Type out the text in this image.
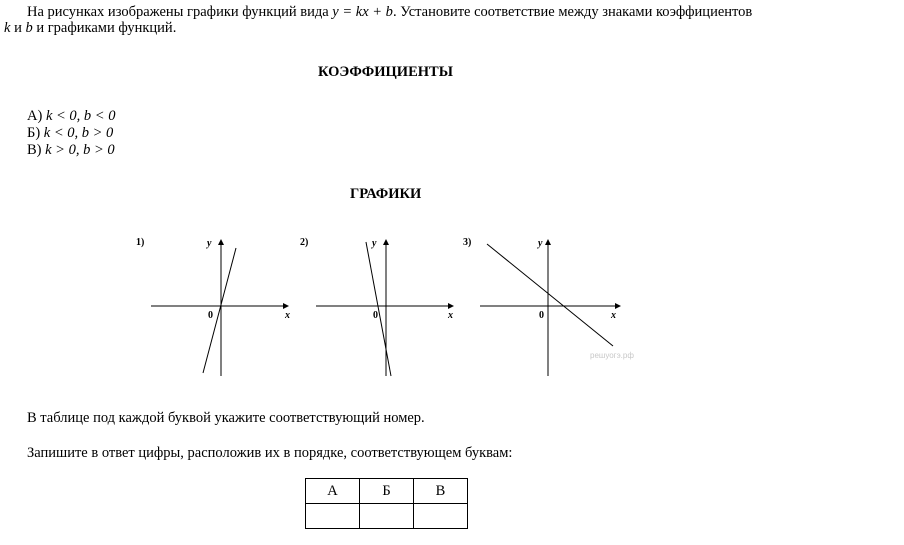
На рисунках изображены графики функций вида y = kx + b. Установите соответствие между знаками коэффициентов
k и b и графиками функций.
КОЭФФИЦИЕНТЫ
А) k < 0, b < 0
Б) k < 0, b > 0
В) k > 0, b > 0
ГРАФИКИ
1)
x
y
0
2)
x
y
0
3)
x
y
0
решуогэ.рф
В таблице под каждой буквой укажите соответствующий номер.
Запишите в ответ цифры, расположив их в порядке, соответствующем буквам:
А	Б	В
